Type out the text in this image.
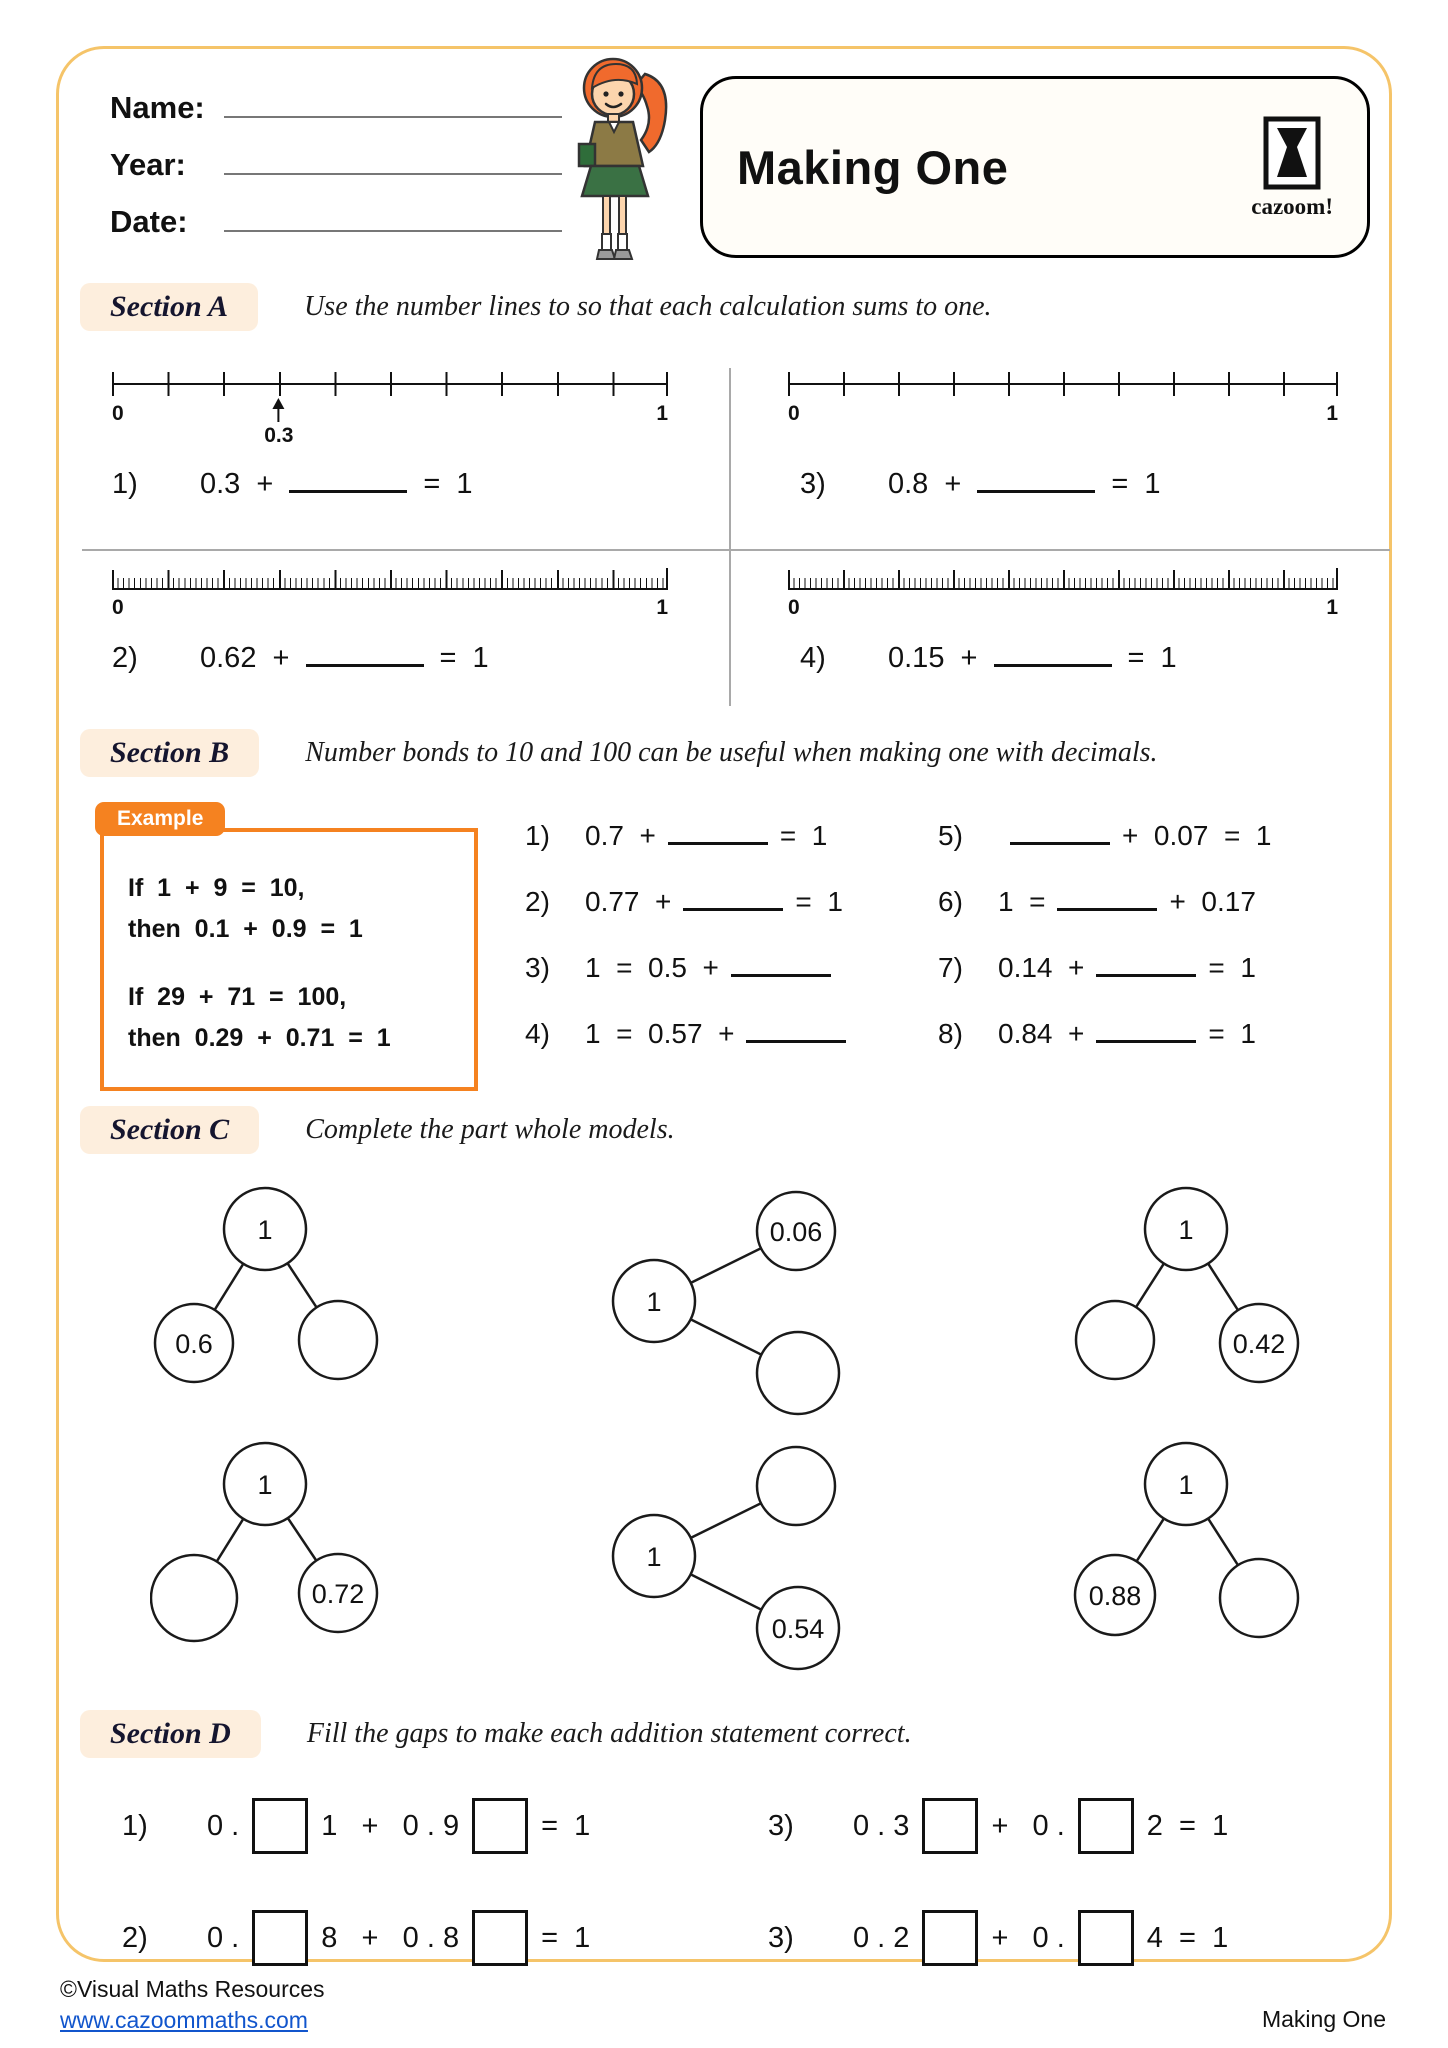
Name:
Year:
Date:
Making One
cazoom!
Section A	Use the number lines to so that each calculation sums to one.
0	1
0.3
0	1
0	1	0	1
1)	0.3  +	=  1	3)	0.8  +	=  1
2)	0.62  +	=  1	4)	0.15  +	=  1
Section B	Number bonds to 10 and 100 can be useful when making one with decimals.
Example
If  1  +  9  =  10,
then  0.1  +  0.9  =  1
If  29  +  71  =  100,
then  0.29  +  0.71  =  1
1)	0.7  +	=  1
2)	0.77  +	=  1
3)	1  =  0.5  +
4)	1  =  0.57  +
5)	+  0.07  =  1
6)	1  =	+  0.17
7)	0.14  +	=  1
8)	0.84  +	=  1
Section C	Complete the part whole models.
1
0.6
1
0.06	1
0.42
1
0.72
1
0.54
1
0.88
Section D	Fill the gaps to make each addition statement correct.
1)	0 .	1   +   0 . 9	=  1	3)	0 . 3	+   0 .	2  =  1
2)	0 .	8   +   0 . 8	=  1	3)	0 . 2	+   0 .	4  =  1
©Visual Maths Resources
www.cazoommaths.com	Making One
